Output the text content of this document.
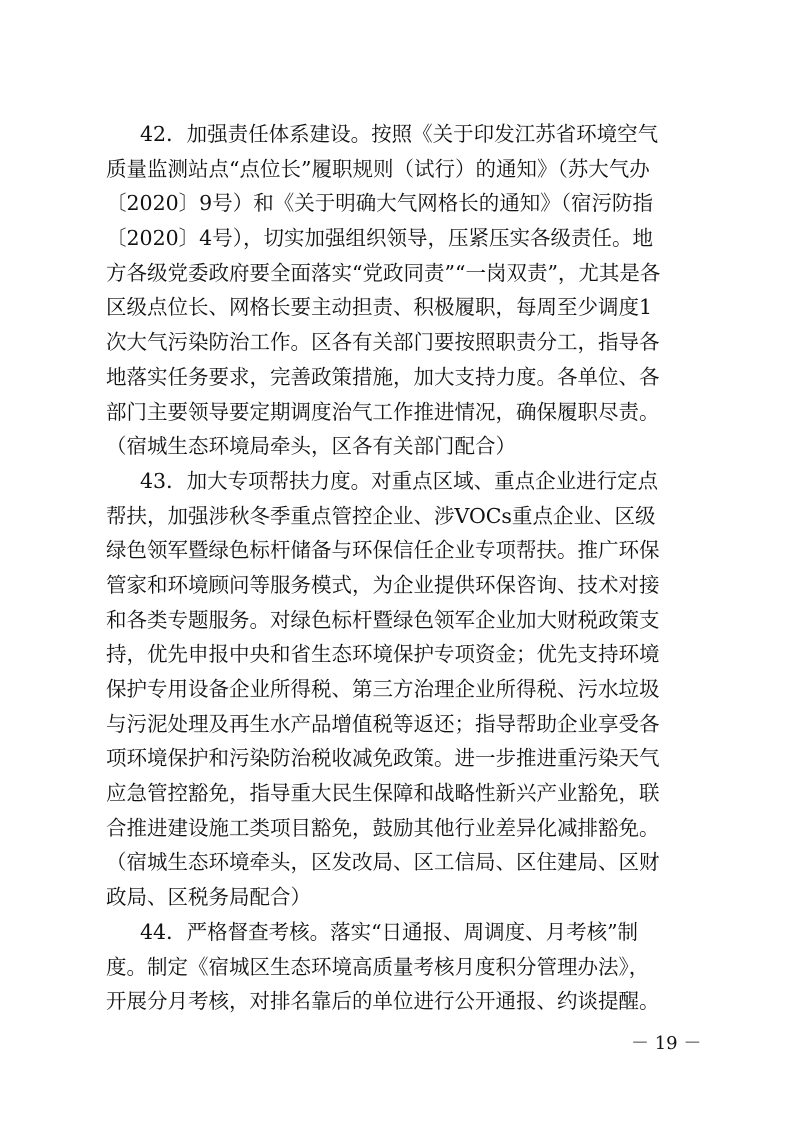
42．加强责任体系建设。按照《关于印发江苏省环境空气
质量监测站点“点位长”履职规则（试行）的通知》（苏大气办
〔2020〕9号）和《关于明确大气网格长的通知》（宿污防指
〔2020〕4号），切实加强组织领导，压紧压实各级责任。地
方各级党委政府要全面落实“党政同责”“一岗双责”，尤其是各
区级点位长、网格长要主动担责、积极履职，每周至少调度1
次大气污染防治工作。区各有关部门要按照职责分工，指导各
地落实任务要求，完善政策措施，加大支持力度。各单位、各
部门主要领导要定期调度治气工作推进情况，确保履职尽责。
（宿城生态环境局牵头，区各有关部门配合）
43．加大专项帮扶力度。对重点区域、重点企业进行定点
帮扶，加强涉秋冬季重点管控企业、涉VOCs重点企业、区级
绿色领军暨绿色标杆储备与环保信任企业专项帮扶。推广环保
管家和环境顾问等服务模式，为企业提供环保咨询、技术对接
和各类专题服务。对绿色标杆暨绿色领军企业加大财税政策支
持，优先申报中央和省生态环境保护专项资金；优先支持环境
保护专用设备企业所得税、第三方治理企业所得税、污水垃圾
与污泥处理及再生水产品增值税等返还；指导帮助企业享受各
项环境保护和污染防治税收减免政策。进一步推进重污染天气
应急管控豁免，指导重大民生保障和战略性新兴产业豁免，联
合推进建设施工类项目豁免，鼓励其他行业差异化减排豁免。
（宿城生态环境牵头，区发改局、区工信局、区住建局、区财
政局、区税务局配合）
44．严格督查考核。落实“日通报、周调度、月考核”制
度。制定《宿城区生态环境高质量考核月度积分管理办法》，
开展分月考核，对排名靠后的单位进行公开通报、约谈提醒。
－ 19 －
